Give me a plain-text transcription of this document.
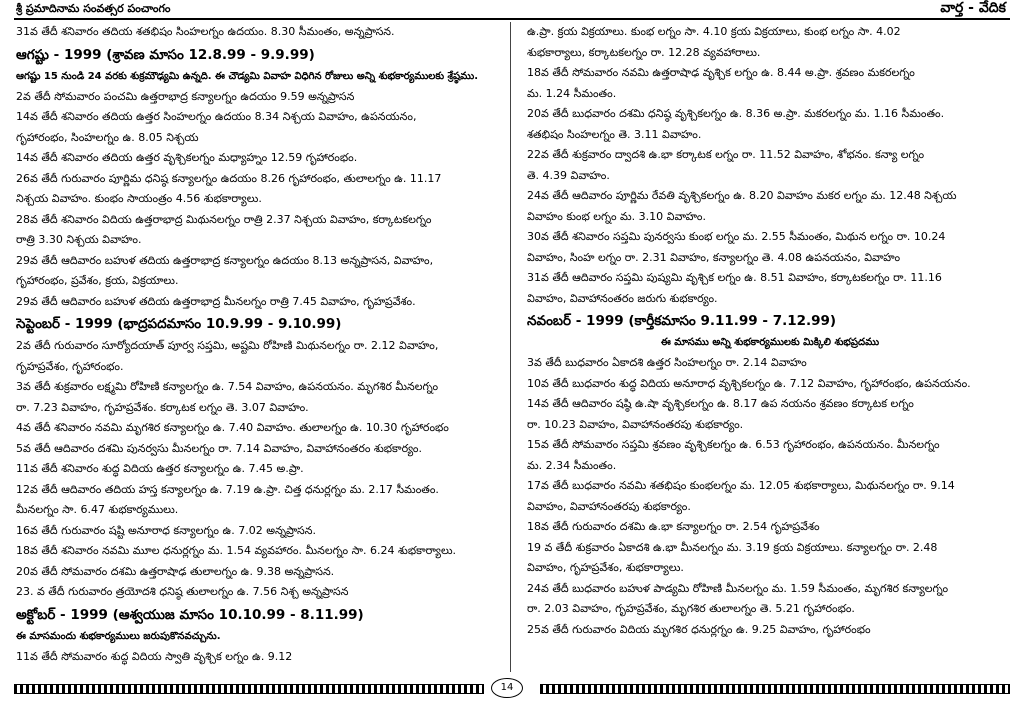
శ్రీ ప్రమాదినామ సంవత్సర పంచాంగం	వార్త - వేదిక
31వ తేదీ శనివారం తదియ శతభిషం సింహలగ్నం ఉదయం. 8.30 సీమంతం, అన్నప్రాసన.
ఆగష్టు - 1999 (శ్రావణ మాసం 12.8.99 - 9.9.99)
ఆగష్టు 15 నుండి 24 వరకు శుక్రమౌఢ్యమి ఉన్నది. ఈ చౌడ్యమి వివాహ విధిగిన రోజులు అన్ని శుభకార్యములకు శ్రేష్ఠము.
2వ తేదీ సోమవారం పంచమి ఉత్తరాభాద్ర కన్యాలగ్నం ఉదయం 9.59 అన్నప్రాసన
14వ తేదీ శనివారం తదియ ఉత్తర సింహలగ్నం ఉదయం 8.34 నిశ్చయ వివాహం, ఉపనయనం,
గృహారంభం, సింహలగ్నం ఉ. 8.05 నిశ్చయ
14వ తేదీ శనివారం తదియ ఉత్తర వృశ్చికలగ్నం మధ్యాహ్నం 12.59 గృహారంభం.
26వ తేదీ గురువారం పూర్ణిమ ధనిష్ఠ కన్యాలగ్నం ఉదయం 8.26 గృహారంభం, తులాలగ్నం ఉ. 11.17
నిశ్చయ వివాహం. కుంభం సాయంత్రం 4.56 శుభకార్యాలు.
28వ తేదీ శనివారం విదియ ఉత్తరాభాద్ర మిథునలగ్నం రాత్రి 2.37 నిశ్చయ వివాహం, కర్కాటకలగ్నం
రాత్రి 3.30 నిశ్చయ వివాహం.
29వ తేదీ ఆదివారం బహుళ తదియ ఉత్తరాభాద్ర కన్యాలగ్నం ఉదయం 8.13 అన్నప్రాసన, వివాహం,
గృహారంభం, ప్రవేశం, క్రయ, విక్రయాలు.
29వ తేదీ ఆదివారం బహుళ తదియ ఉత్తరాభాద్ర మీనలగ్నం రాత్రి 7.45 వివాహం, గృహప్రవేశం.
సెప్టెంబర్ - 1999 (భాద్రపదమాసం 10.9.99 - 9.10.99)
2వ తేదీ గురువారం సూర్యోదయాత్ పూర్వ సప్తమి, అష్టమి రోహిణి మిథునలగ్నం రా. 2.12 వివాహం,
గృహప్రవేశం, గృహారంభం.
3వ తేదీ శుక్రవారం లక్ష్మమి రోహిణి కన్యాలగ్నం ఉ. 7.54 వివాహం, ఉపనయనం. మృగశిర మీనలగ్నం
రా. 7.23 వివాహం, గృహప్రవేశం. కర్కాటక లగ్నం తె. 3.07 వివాహం.
4వ తేదీ శనివారం నవమి మృగశిర కన్యాలగ్నం ఉ. 7.40 వివాహం. తులాలగ్నం ఉ. 10.30 గృహారంభం
5వ తేదీ ఆదివారం దశమి పునర్వసు మీనలగ్నం రా. 7.14 వివాహం, వివాహానంతరం శుభకార్యం.
11వ తేదీ శనివారం శుద్ధ విదియ ఉత్తర కన్యాలగ్నం ఉ. 7.45 అ.ప్రా.
12వ తేదీ ఆదివారం తదియ హస్త కన్యాలగ్నం ఉ. 7.19 ఉ.ప్రా. చిత్త ధనుర్లగ్నం మ. 2.17 సీమంతం.
మీనలగ్నం సా. 6.47 శుభకార్యములు.
16వ తేదీ గురువారం షష్టి అనూరాధ కన్యాలగ్నం ఉ. 7.02 అన్నప్రాసన.
18వ తేదీ శనివారం నవమి మూల ధనుర్లగ్నం మ. 1.54 వ్యవహారం. మీనలగ్నం సా. 6.24 శుభకార్యాలు.
20వ తేదీ సోమవారం దశమి ఉత్తరాషాఢ తులాలగ్నం ఉ. 9.38 అన్నప్రాసన.
23. వ తేదీ గురువారం త్రయోదశి ధనిష్ఠ తులాలగ్నం ఉ. 7.56 నిశ్చ అన్నప్రాసన
అక్టోబర్ - 1999 (ఆశ్వయుజ మాసం 10.10.99 - 8.11.99)
ఈ మాసమందు శుభకార్యములు జరుపుకొనవచ్చును.
11వ తేదీ సోమవారం శుద్ధ విదియ స్వాతి వృశ్చిక లగ్నం ఉ. 9.12
ఉ.ప్రా. క్రయ విక్రయాలు. కుంభ లగ్నం సా. 4.10 క్రయ విక్రయాలు, కుంభ లగ్నం సా. 4.02
శుభకార్యాలు, కర్కాటకలగ్నం రా. 12.28 వ్యవహారాలు.
18వ తేదీ సోమవారం నవమి ఉత్తరాషాఢ వృశ్చిక లగ్నం ఉ. 8.44 అ.ప్రా. శ్రవణం మకరలగ్నం
మ. 1.24 సీమంతం.
20వ తేదీ బుధవారం దశమి ధనిష్ఠ వృశ్చికలగ్నం ఉ. 8.36 అ.ప్రా. మకరలగ్నం మ. 1.16 సీమంతం.
శతభిషం సింహలగ్నం తె. 3.11 వివాహం.
22వ తేదీ శుక్రవారం ద్వాదశి ఉ.భా కర్కాటక లగ్నం రా. 11.52 వివాహం, శోభనం. కన్యా లగ్నం
తె. 4.39 వివాహం.
24వ తేదీ ఆదివారం పూర్ణిమ రేవతి వృశ్చికలగ్నం ఉ. 8.20 వివాహం మకర లగ్నం మ. 12.48 నిశ్చయ
వివాహం కుంభ లగ్నం మ. 3.10 వివాహం.
30వ తేదీ శనివారం సప్తమి పునర్వసు కుంభ లగ్నం మ. 2.55 సీమంతం, మిథున లగ్నం రా. 10.24
వివాహం, సింహ లగ్నం రా. 2.31 వివాహం, కన్యాలగ్నం తె. 4.08 ఉపనయనం, వివాహం
31వ తేదీ ఆదివారం సప్తమి పుష్యమి వృశ్చిక లగ్నం ఉ. 8.51 వివాహం, కర్కాటకలగ్నం రా. 11.16
వివాహం, వివాహానంతరం జరుగు శుభకార్యం.
నవంబర్ - 1999 (కార్తీకమాసం 9.11.99 - 7.12.99)
ఈ మాసము అన్ని శుభకార్యములకు మిక్కిలి శుభప్రదము
3వ తేదీ బుధవారం ఏకాదశి ఉత్తర సింహలగ్నం రా. 2.14 వివాహం
10వ తేదీ బుధవారం శుద్ధ విదియ అనూరాధ వృశ్చికలగ్నం ఉ. 7.12 వివాహం, గృహారంభం, ఉపనయనం.
14వ తేదీ ఆదివారం షష్ఠి ఉ.షా వృశ్చికలగ్నం ఉ. 8.17 ఉప నయనం శ్రవణం కర్కాటక లగ్నం
రా. 10.23 వివాహం, వివాహానంతరపు శుభకార్యం.
15వ తేదీ సోమవారం సప్తమి శ్రవణం వృశ్చికలగ్నం ఉ. 6.53 గృహారంభం, ఉపనయనం. మీనలగ్నం
మ. 2.34 సీమంతం.
17వ తేదీ బుధవారం నవమి శతభిషం కుంభలగ్నం మ. 12.05 శుభకార్యాలు, మిథునలగ్నం రా. 9.14
వివాహం, వివాహానంతరపు శుభకార్యం.
18వ తేదీ గురువారం దశమి ఉ.భా కన్యాలగ్నం రా. 2.54 గృహప్రవేశం
19 వ తేదీ శుక్రవారం ఏకాదశి ఉ.భా మీనలగ్నం మ. 3.19 క్రయ విక్రయాలు. కన్యాలగ్నం రా. 2.48
వివాహం, గృహప్రవేశం, శుభకార్యాలు.
24వ తేదీ బుధవారం బహుళ పాడ్యమి రోహిణి మీనలగ్నం మ. 1.59 సీమంతం, మృగశిర కన్యాలగ్నం
రా. 2.03 వివాహం, గృహప్రవేశం, మృగశిర తులాలగ్నం తె. 5.21 గృహారంభం.
25వ తేదీ గురువారం విదియ మృగశిర ధనుర్లగ్నం ఉ. 9.25 వివాహం, గృహారంభం
14
